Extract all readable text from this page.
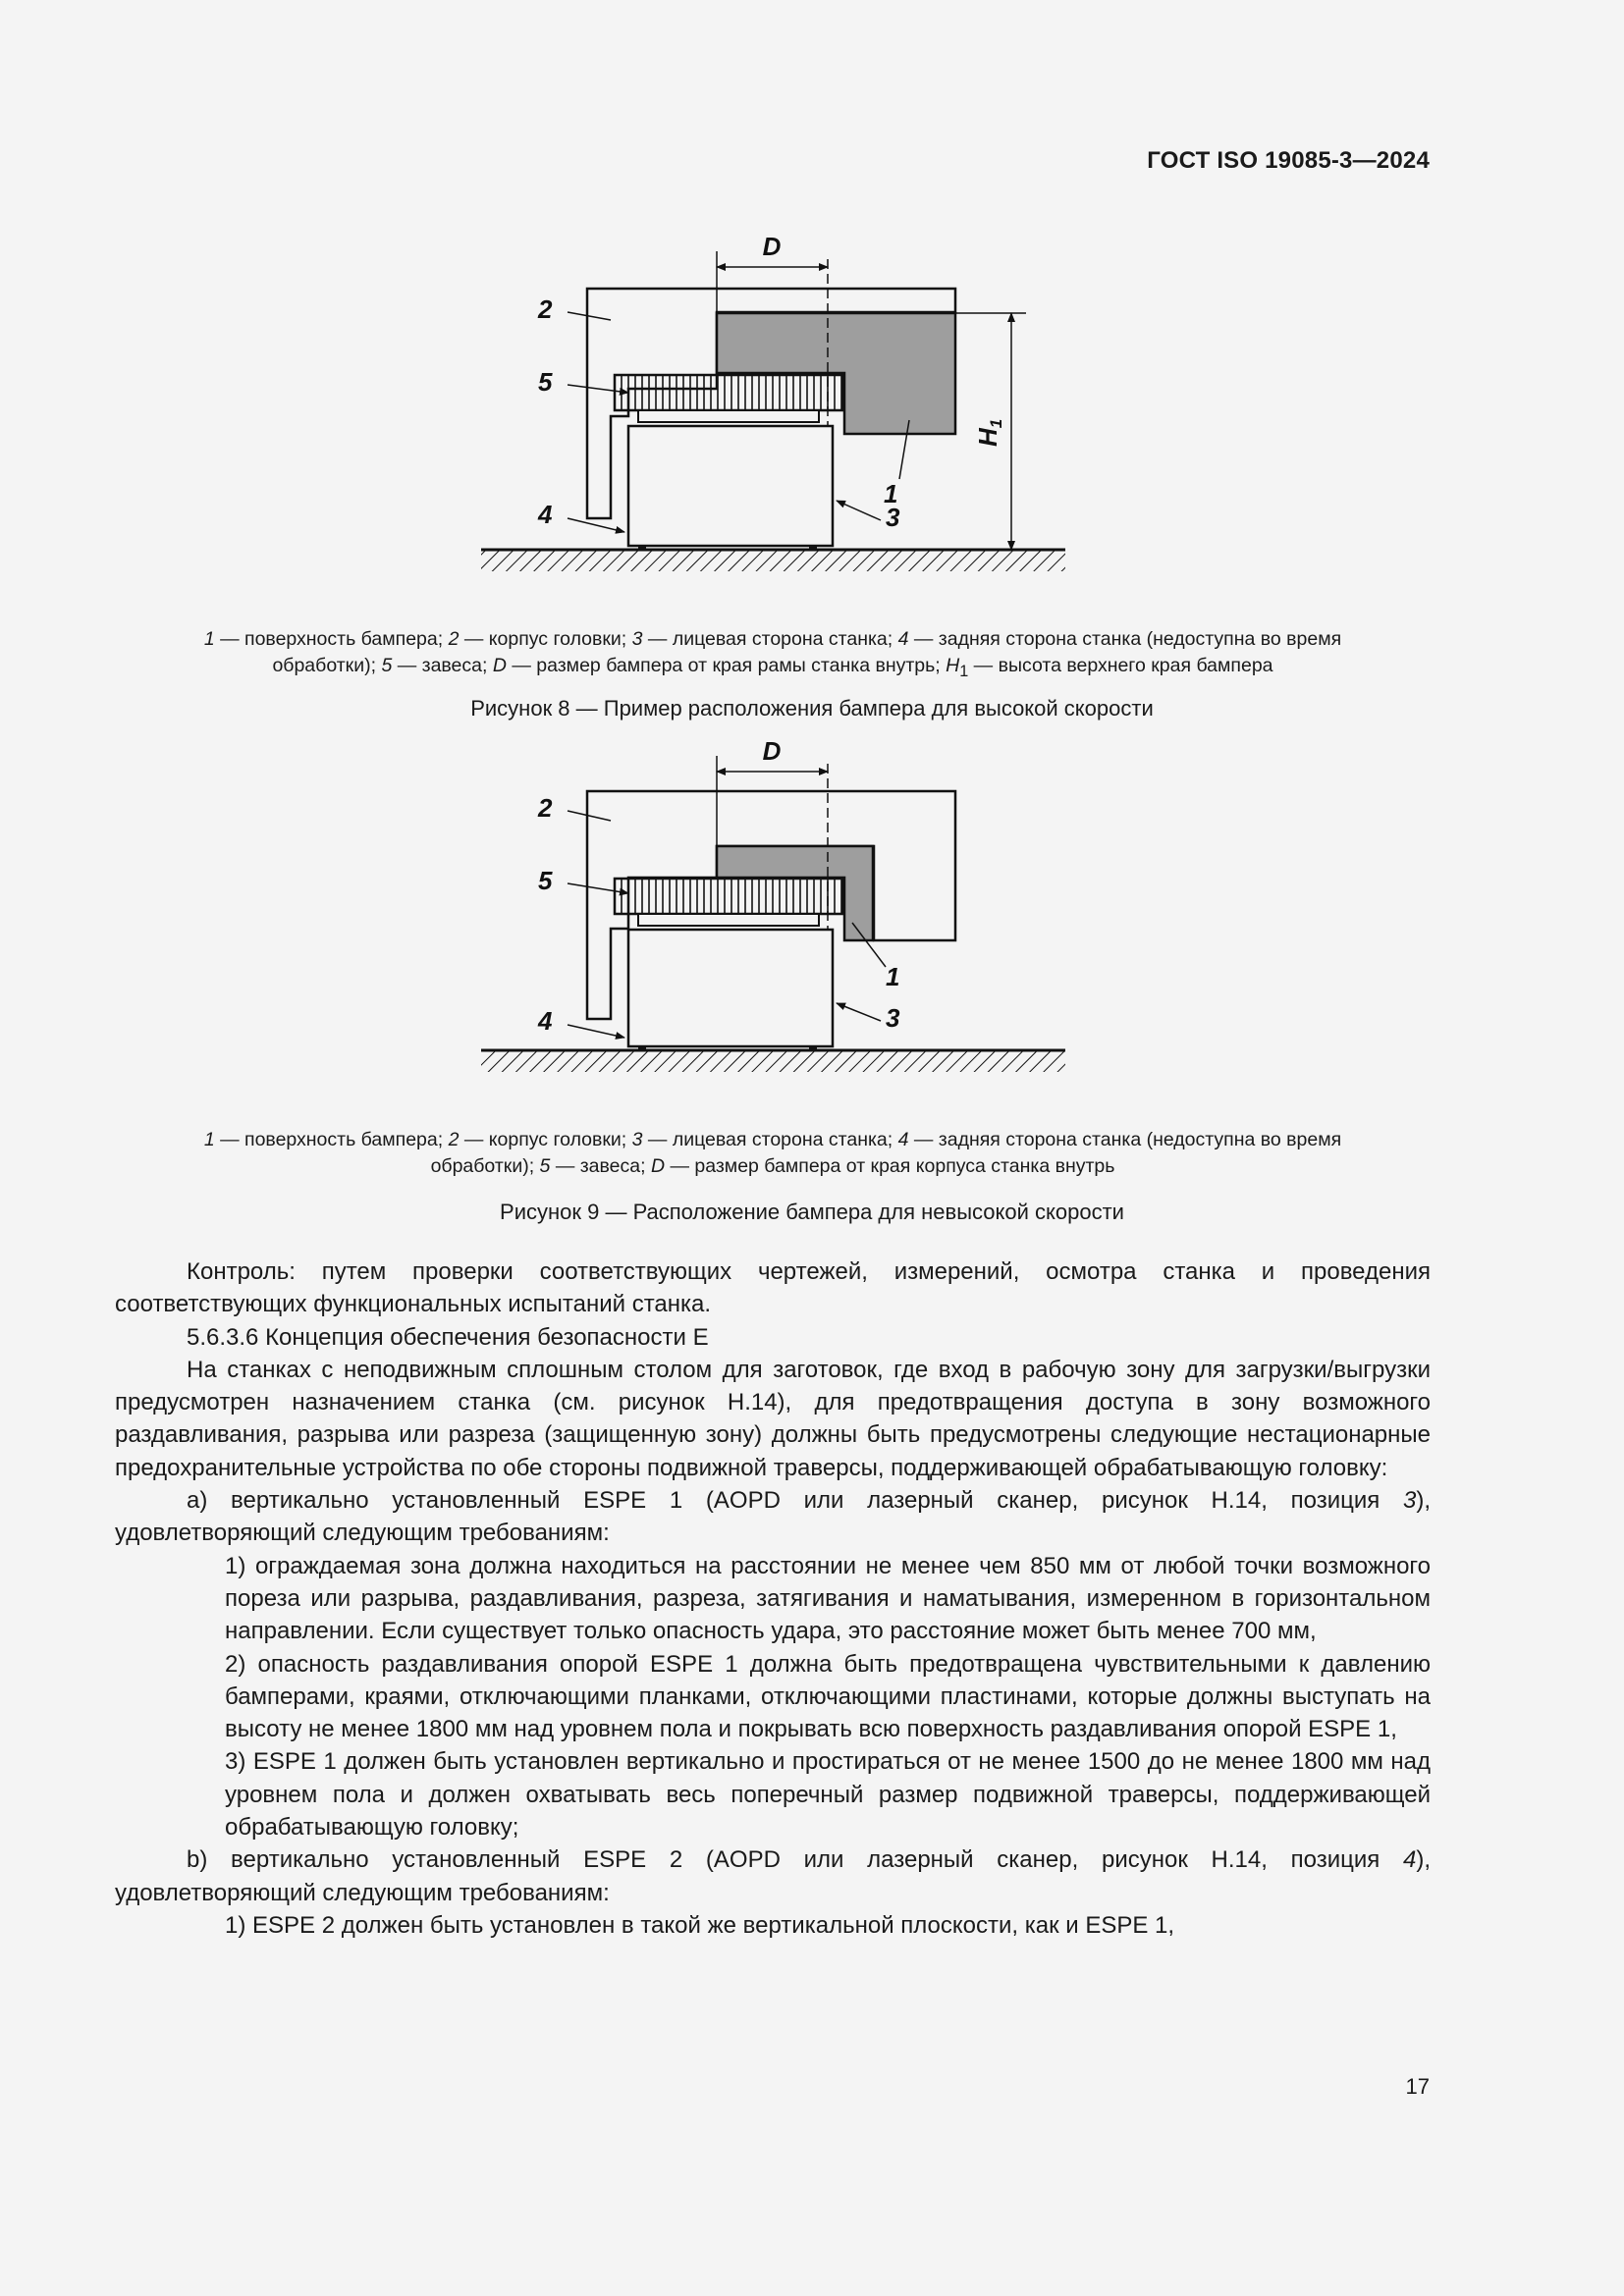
ГОСТ ISO 19085-3—2024
D
H1
2
5
4	3
1
1 — поверхность бампера; 2 — корпус головки; 3 — лицевая сторона станка; 4 — задняя сторона станка (недоступна во время
обработки); 5 — завеса; D — размер бампера от края рамы станка внутрь; $H_1$ — высота верхнего края бампера
Рисунок 8 — Пример расположения бампера для высокой скорости
D
2
5
4	3
1
1 — поверхность бампера; 2 — корпус головки; 3 — лицевая сторона станка; 4 — задняя сторона станка (недоступна во время
обработки); 5 — завеса; D — размер бампера от края корпуса станка внутрь
Рисунок 9 — Расположение бампера для невысокой скорости

Контроль: путем проверки соответствующих чертежей, измерений, осмотра станка и проведения соответствующих функциональных испытаний станка.

5.6.3.6 Концепция обеспечения безопасности E

На станках с неподвижным сплошным столом для заготовок, где вход в рабочую зону для загрузки/выгрузки предусмотрен назначением станка (см. рисунок H.14), для предотвращения доступа в зону возможного раздавливания, разрыва или разреза (защищенную зону) должны быть предусмотрены следующие нестационарные предохранительные устройства по обе стороны подвижной траверсы, поддерживающей обрабатывающую головку:

a) вертикально установленный ESPE 1 (AOPD или лазерный сканер, рисунок H.14, позиция 3), удовлетворяющий следующим требованиям:

1) ограждаемая зона должна находиться на расстоянии не менее чем 850 мм от любой точки возможного пореза или разрыва, раздавливания, разреза, затягивания и наматывания, измеренном в горизонтальном направлении. Если существует только опасность удара, это расстояние может быть менее 700 мм,

2) опасность раздавливания опорой ESPE 1 должна быть предотвращена чувствительными к давлению бамперами, краями, отключающими планками, отключающими пластинами, которые должны выступать на высоту не менее 1800 мм над уровнем пола и покрывать всю поверхность раздавливания опорой ESPE 1,

3) ESPE 1 должен быть установлен вертикально и простираться от не менее 1500 до не менее 1800 мм над уровнем пола и должен охватывать весь поперечный размер подвижной траверсы, поддерживающей обрабатывающую головку;

b) вертикально установленный ESPE 2 (AOPD или лазерный сканер, рисунок H.14, позиция 4), удовлетворяющий следующим требованиям:

1) ESPE 2 должен быть установлен в такой же вертикальной плоскости, как и ESPE 1,

17
